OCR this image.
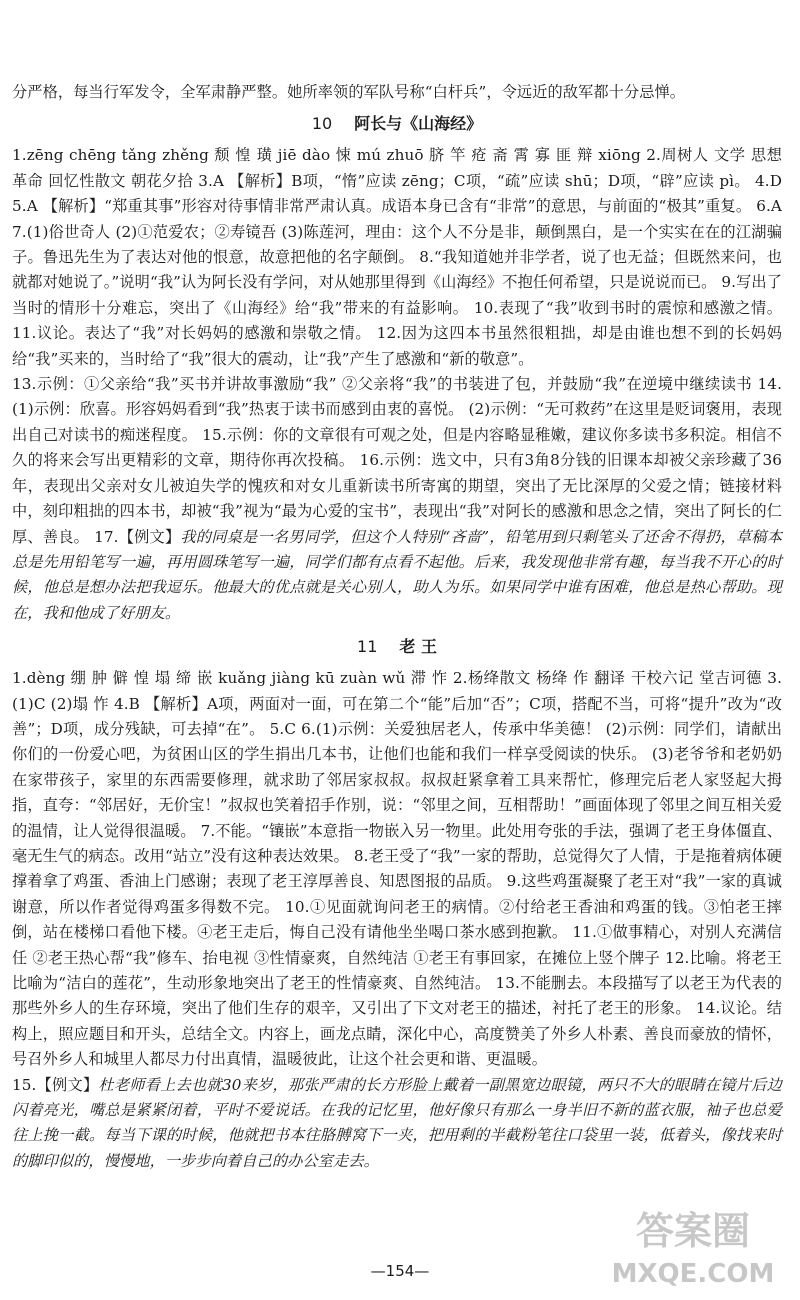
分严格，每当行军发令，全军肃静严整。她所率领的军队号称“白杆兵”，令远近的敌军都十分忌惮。

10 阿长与《山海经》

1.zēng chēng tǎng zhěng 颓 惶 璜 jiē dào 悚 mú zhuō 脐 竿 疮 斋 霄 寡 匪 辩 xiōng 2.周树人 文学 思想 革命 回忆性散文 朝花夕拾 3.A 【解析】B项，“惰”应读 zēng；C项，“疏”应读 shū；D项，“辟”应读 pì。 4.D 5.A 【解析】“郑重其事”形容对待事情非常严肃认真。成语本身已含有“非常”的意思，与前面的“极其”重复。 6.A 7.(1)俗世奇人 (2)①范爱农；②寿镜吾 (3)陈莲河，理由：这个人不分是非，颠倒黑白，是一个实实在在的江湖骗子。鲁迅先生为了表达对他的恨意，故意把他的名字颠倒。 8.“我知道她并非学者，说了也无益；但既然来问，也就都对她说了。”说明“我”认为阿长没有学问，对从她那里得到《山海经》不抱任何希望，只是说说而已。 9.写出了当时的情形十分难忘，突出了《山海经》给“我”带来的有益影响。 10.表现了“我”收到书时的震惊和感激之情。 11.议论。表达了“我”对长妈妈的感激和崇敬之情。 12.因为这四本书虽然很粗拙，却是由谁也想不到的长妈妈给“我”买来的，当时给了“我”很大的震动，让“我”产生了感激和“新的敬意”。

13.示例：①父亲给“我”买书并讲故事激励“我” ②父亲将“我”的书装进了包，并鼓励“我”在逆境中继续读书 14.(1)示例：欣喜。形容妈妈看到“我”热衷于读书而感到由衷的喜悦。 (2)示例：“无可救药”在这里是贬词褒用，表现出自己对读书的痴迷程度。 15.示例：你的文章很有可观之处，但是内容略显稚嫩，建议你多读书多积淀。相信不久的将来会写出更精彩的文章，期待你再次投稿。 16.示例：选文中，只有3角8分钱的旧课本却被父亲珍藏了36年，表现出父亲对女儿被迫失学的愧疚和对女儿重新读书所寄寓的期望，突出了无比深厚的父爱之情；链接材料中，刻印粗拙的四本书，却被“我”视为“最为心爱的宝书”，表现出“我”对阿长的感激和思念之情，突出了阿长的仁厚、善良。 17.【例文】我的同桌是一名男同学，但这个人特别“吝啬”，铅笔用到只剩笔头了还舍不得扔，草稿本总是先用铅笔写一遍，再用圆珠笔写一遍，同学们都有点看不起他。后来，我发现他非常有趣，每当我不开心的时候，他总是想办法把我逗乐。他最大的优点就是关心别人，助人为乐。如果同学中谁有困难，他总是热心帮助。现在，我和他成了好朋友。

11 老 王

1.dèng 绷 肿 僻 惶 塌 缔 嵌 kuǎng jiàng kū zuàn wǔ 滞 怍 2.杨绛散文 杨绛 作 翻译 干校六记 堂吉诃德 3.(1)C (2)塌 怍 4.B 【解析】A项，两面对一面，可在第二个“能”后加“否”；C项，搭配不当，可将“提升”改为“改善”；D项，成分残缺，可去掉“在”。 5.C 6.(1)示例：关爱独居老人，传承中华美德！ (2)示例：同学们，请献出你们的一份爱心吧，为贫困山区的学生捐出几本书，让他们也能和我们一样享受阅读的快乐。 (3)老爷爷和老奶奶在家带孩子，家里的东西需要修理，就求助了邻居家叔叔。叔叔赶紧拿着工具来帮忙，修理完后老人家竖起大拇指，直夸：“邻居好，无价宝！”叔叔也笑着招手作别，说：“邻里之间，互相帮助！”画面体现了邻里之间互相关爱的温情，让人觉得很温暖。 7.不能。“镶嵌”本意指一物嵌入另一物里。此处用夸张的手法，强调了老王身体僵直、毫无生气的病态。改用“站立”没有这种表达效果。 8.老王受了“我”一家的帮助，总觉得欠了人情，于是拖着病体硬撑着拿了鸡蛋、香油上门感谢；表现了老王淳厚善良、知恩图报的品质。 9.这些鸡蛋凝聚了老王对“我”一家的真诚谢意，所以作者觉得鸡蛋多得数不完。 10.①见面就询问老王的病情。②付给老王香油和鸡蛋的钱。③怕老王摔倒，站在楼梯口看他下楼。④老王走后，悔自己没有请他坐坐喝口茶水感到抱歉。 11.①做事精心，对别人充满信任 ②老王热心帮“我”修车、抬电视 ③性情豪爽，自然纯洁 ①老王有事回家，在摊位上竖个牌子 12.比喻。将老王比喻为“洁白的莲花”，生动形象地突出了老王的性情豪爽、自然纯洁。 13.不能删去。本段描写了以老王为代表的那些外乡人的生存环境，突出了他们生存的艰辛，又引出了下文对老王的描述，衬托了老王的形象。 14.议论。结构上，照应题目和开头，总结全文。内容上，画龙点睛，深化中心，高度赞美了外乡人朴素、善良而豪放的情怀，号召外乡人和城里人都尽力付出真情，温暖彼此，让这个社会更和谐、更温暖。

15.【例文】杜老师看上去也就30来岁，那张严肃的长方形脸上戴着一副黑宽边眼镜，两只不大的眼睛在镜片后边闪着亮光，嘴总是紧紧闭着，平时不爱说话。在我的记忆里，他好像只有那么一身半旧不新的蓝衣服，袖子也总爱往上挽一截。每当下课的时候，他就把书本往胳膊窝下一夹，把用剩的半截粉笔往口袋里一装，低着头，像找来时的脚印似的，慢慢地，一步步向着自己的办公室走去。

—154—
答案圈
MXQE.COM
